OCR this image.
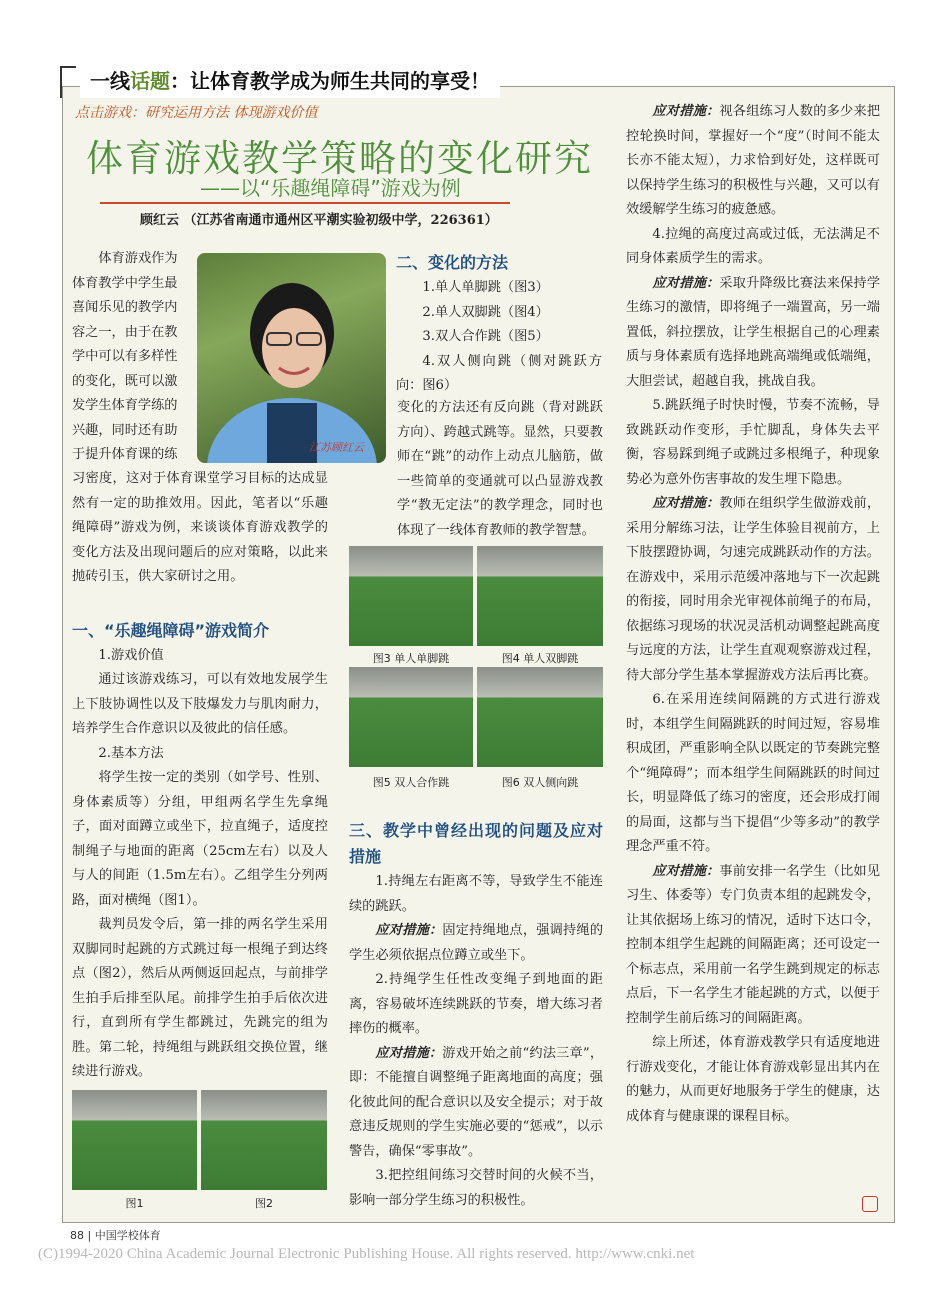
一线话题：让体育教学成为师生共同的享受！
点击游戏：研究运用方法 体现游戏价值
体育游戏教学策略的变化研究
——以“乐趣绳障碍”游戏为例
顾红云 （江苏省南通市通州区平潮实验初级中学，226361）
江苏顾红云
体育游戏作为
体育教学中学生最
喜闻乐见的教学内
容之一，由于在教
学中可以有多样性
的变化，既可以激
发学生体育学练的
兴趣，同时还有助
于提升体育课的练

习密度，这对于体育课堂学习目标的达成显然有一定的助推效用。因此，笔者以“乐趣绳障碍”游戏为例，来谈谈体育游戏教学的变化方法及出现问题后的应对策略，以此来抛砖引玉，供大家研讨之用。

一、“乐趣绳障碍”游戏简介

1.游戏价值

通过该游戏练习，可以有效地发展学生上下肢协调性以及下肢爆发力与肌肉耐力，培养学生合作意识以及彼此的信任感。

2.基本方法

将学生按一定的类别（如学号、性别、身体素质等）分组，甲组两名学生先拿绳子，面对面蹲立或坐下，拉直绳子，适度控制绳子与地面的距离（25cm左右）以及人与人的间距（1.5m左右）。乙组学生分列两路，面对横绳（图1）。

裁判员发令后，第一排的两名学生采用双脚同时起跳的方式跳过每一根绳子到达终点（图2），然后从两侧返回起点，与前排学生拍手后排至队尾。前排学生拍手后依次进行，直到所有学生都跳过，先跳完的组为胜。第二轮，持绳组与跳跃组交换位置，继续进行游戏。

图1	图2
二、变化的方法

1.单人单脚跳（图3）

2.单人双脚跳（图4）

3.双人合作跳（图5）

4.双人侧向跳（侧对跳跃方向：图6）

变化的方法还有反向跳（背对跳跃方向）、跨越式跳等。显然，只要教师在“跳”的动作上动点儿脑筋，做一些简单的变通就可以凸显游戏教学“教无定法”的教学理念，同时也体现了一线体育教师的教学智慧。

图3 单人单脚跳	图4 单人双脚跳
图5 双人合作跳	图6 双人侧向跳
三、教学中曾经出现的问题及应对措施

1.持绳左右距离不等，导致学生不能连续的跳跃。

应对措施：固定持绳地点，强调持绳的学生必须依据点位蹲立或坐下。

2.持绳学生任性改变绳子到地面的距离，容易破坏连续跳跃的节奏，增大练习者摔伤的概率。

应对措施：游戏开始之前“约法三章”，即：不能擅自调整绳子距离地面的高度；强化彼此间的配合意识以及安全提示；对于故意违反规则的学生实施必要的“惩戒”，以示警告，确保“零事故”。

3.把控组间练习交替时间的火候不当，影响一部分学生练习的积极性。

应对措施：视各组练习人数的多少来把控轮换时间，掌握好一个“度”（时间不能太长亦不能太短），力求恰到好处，这样既可以保持学生练习的积极性与兴趣，又可以有效缓解学生练习的疲惫感。

4.拉绳的高度过高或过低，无法满足不同身体素质学生的需求。

应对措施：采取升降级比赛法来保持学生练习的激情，即将绳子一端置高，另一端置低，斜拉摆放，让学生根据自己的心理素质与身体素质有选择地跳高端绳或低端绳，大胆尝试，超越自我，挑战自我。

5.跳跃绳子时快时慢，节奏不流畅，导致跳跃动作变形，手忙脚乱，身体失去平衡，容易踩到绳子或跳过多根绳子，种现象势必为意外伤害事故的发生埋下隐患。

应对措施：教师在组织学生做游戏前，采用分解练习法，让学生体验目视前方，上下肢摆蹬协调，匀速完成跳跃动作的方法。在游戏中，采用示范缓冲落地与下一次起跳的衔接，同时用余光审视体前绳子的布局，依据练习现场的状况灵活机动调整起跳高度与远度的方法，让学生直观观察游戏过程，待大部分学生基本掌握游戏方法后再比赛。

6.在采用连续间隔跳的方式进行游戏时，本组学生间隔跳跃的时间过短，容易堆积成团，严重影响全队以既定的节奏跳完整个“绳障碍”；而本组学生间隔跳跃的时间过长，明显降低了练习的密度，还会形成打闹的局面，这都与当下提倡“少等多动”的教学理念严重不符。

应对措施：事前安排一名学生（比如见习生、体委等）专门负责本组的起跳发令，让其依据场上练习的情况，适时下达口令，控制本组学生起跳的间隔距离；还可设定一个标志点，采用前一名学生跳到规定的标志点后，下一名学生才能起跳的方式，以便于控制学生前后练习的间隔距离。

综上所述，体育游戏教学只有适度地进行游戏变化，才能让体育游戏彰显出其内在的魅力，从而更好地服务于学生的健康，达成体育与健康课的课程目标。

88 | 中国学校体育
(C)1994-2020 China Academic Journal Electronic Publishing House. All rights reserved. http://www.cnki.net
